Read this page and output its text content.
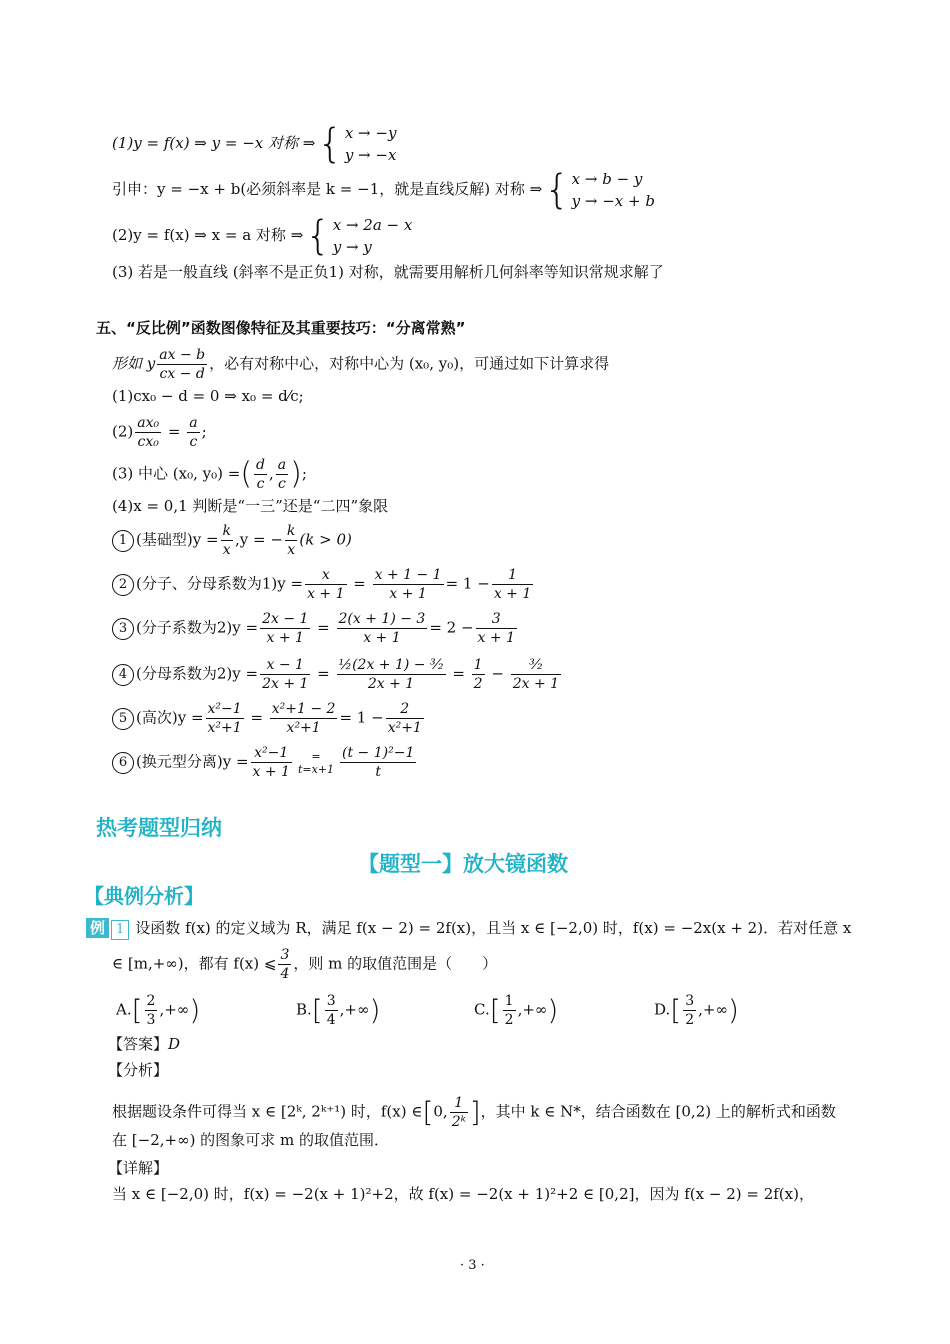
(1)y = f(x) ⇒ y = −x 对称 ⇒{ x → −y
y → −x
引申：y = −x + b(必须斜率是 k = −1，就是直线反解) 对称 ⇒{ x → b − y
y → −x + b
(2)y = f(x) ⇒ x = a 对称 ⇒{ x → 2a − x
y → y
(3) 若是一般直线 (斜率不是正负1) 对称，就需要用解析几何斜率等知识常规求解了
五、“反比例”函数图像特征及其重要技巧：“分离常熟”
形如 y $\frac{ax - b}{cx - d}$ ，必有对称中心，对称中心为 (x₀, y₀)，可通过如下计算求得
(1)cx₀ − d = 0 ⇒ x₀ = d⁄c;
$(2) \frac{\text{ax₀}}{\text{cx₀}} = \frac{a}{c}$ ;
(3) 中心 (x₀, y₀) =( $\frac{d}{c}$ , $\frac{a}{c}$ );
(4)x = 0,1 判断是“一三”还是“二四”象限
1 (基础型)$y = \frac{k}{x} ,y$ = − $\frac{k}{x} (k > 0)$
2 (分子、分母系数为$1)y = \frac{x}{x + 1} = \frac{x + 1 - 1}{x + 1} = 1 - \frac{1}{x + 1}$
3 (分子系数为$2)y = \frac{2x - 1}{x + 1} = \frac{2(x + 1) - 3}{x + 1} = 2 - \frac{3}{x + 1}$
4 (分母系数为$2)y = \frac{x - 1}{2x + 1} = \frac{\text{½(2x + 1) − ³⁄₂}}{2x + 1} = \frac{1}{2}$ −	³⁄₂
2x + 1
5 (高次)$y = \frac{\text{x²−1}}{\text{x²+1}} = \frac{\text{x²+1 − 2}}{\text{x²+1}} = 1 - \frac{2}{\text{x²+1}}$
6 (换元型分离)$y = \frac{\text{x²−1}}{x + 1}$	=
$t=x+1 \frac{\text{(t − 1)²−1}}{t}$
热考题型归纳
【题型一】放大镜函数
【典例分析】
例 1 设函数 f(x) 的定义域为 R，满足 f(x − 2) = 2f(x)，且当 x ∈ [−2,0) 时，f(x) = −2x(x + 2)．若对任意 x
∈ [m,+∞)，都有 f(x) ⩽ $\frac{3}{4}$ ，则 m 的取值范围是（　　）
$A.[ \frac{2}{3}$ ,+∞)	$B.[ \frac{3}{4}$ ,+∞)	$C.[ \frac{1}{2}$ ,+∞)	$D.[ \frac{3}{2}$ ,+∞)
【答案】D
【分析】
根据题设条件可得当 x ∈ [2ᵏ, 2ᵏ⁺¹) 时，f(x) ∈[0, $\frac{1}{\text{2ᵏ}}$ ]，其中 k ∈ N*，结合函数在 [0,2) 上的解析式和函数
在 [−2,+∞) 的图象可求 m 的取值范围．
【详解】
当 x ∈ [−2,0) 时，f(x) = −2(x + 1)²+2，故 f(x) = −2(x + 1)²+2 ∈ [0,2]，因为 f(x − 2) = 2f(x)，
· 3 ·
